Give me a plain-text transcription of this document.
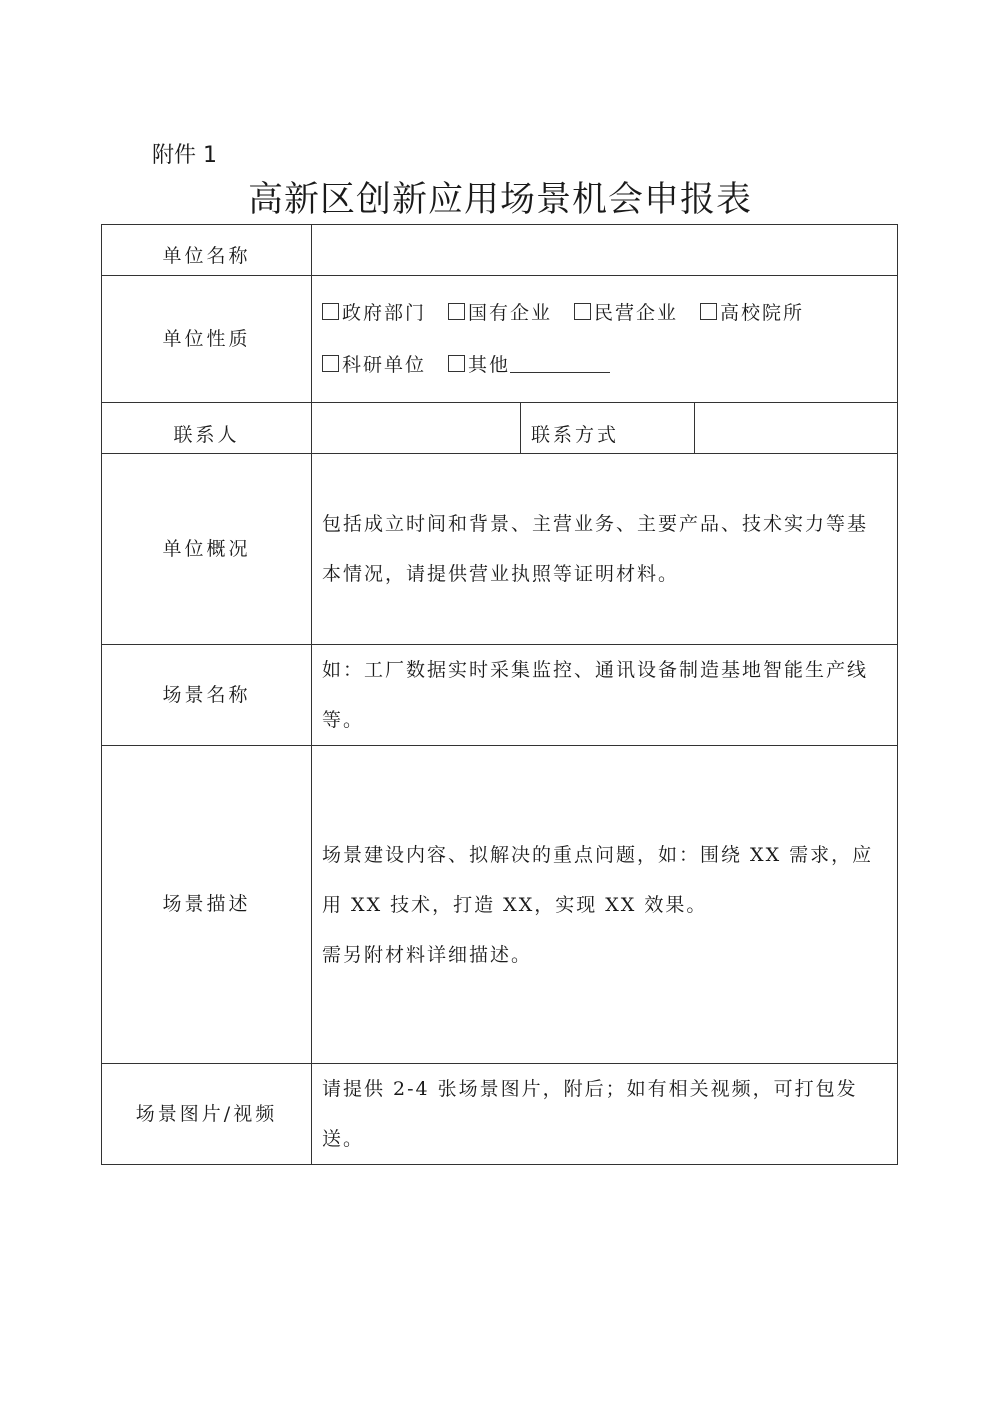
附件 1
高新区创新应用场景机会申报表
单位名称			
单位性质	政府部门 国有企业 民营企业 高校院所
科研单位 其他		

联系人		联系方式	
单位概况	包括成立时间和背景、主营业务、主要产品、技术实力等基本情况，请提供营业执照等证明材料。		

场景名称	如：工厂数据实时采集监控、通讯设备制造基地智能生产线等。		

场景描述	场景建设内容、拟解决的重点问题，如：围绕 XX 需求，应用 XX 技术，打造 XX，实现 XX 效果。
需另附材料详细描述。		

场景图片/视频	请提供 2-4 张场景图片，附后；如有相关视频，可打包发送。		
